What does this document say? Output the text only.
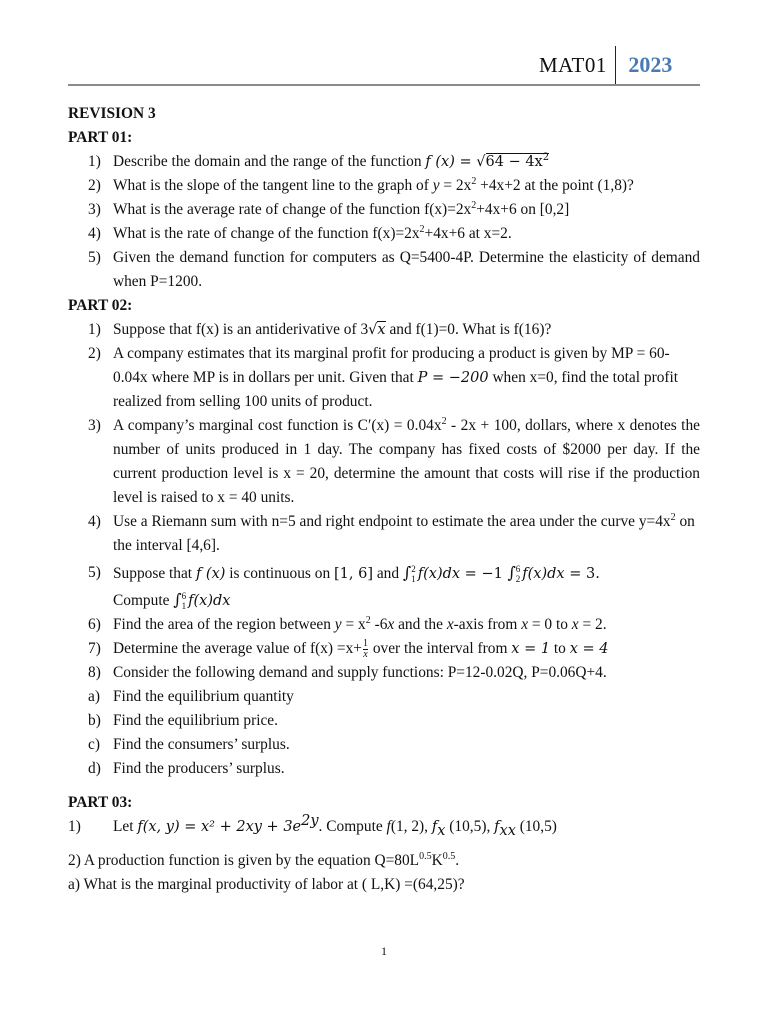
MAT01 2023
REVISION 3
PART 01:
1) Describe the domain and the range of the function f $(x) = √64 - 4x^2$
2) What is the slope of the tangent line to the graph of $y = 2x^2 +4x+2$ at the point (1,8)?
3) What is the average rate of change of the function $f(x)=2x^2+4x+6$ on [0,2]
4) What is the rate of change of the function $f(x)=2x^2+4x+6$ at x=2.
5) Given the demand function for computers as Q=5400-4P. Determine the elasticity of demand when P=1200.
PART 02:
1) Suppose that f(x) is an antiderivative of 3√x and f(1)=0. What is f(16)?
2) A company estimates that its marginal profit for producing a product is given by MP = 60-0.04x where MP is in dollars per unit. Given that P = −200 when x=0, find the total profit realized from selling 100 units of product.
3) A company’s marginal cost function is $C'(x) = 0.04x^2 - 2x + 100$, dollars, where x denotes the number of units produced in 1 day. The company has fixed costs of $2000 per day. If the current production level is x = 20, determine the amount that costs will rise if the production level is raised to x = 40 units.
4) Use a Riemann sum with n=5 and right endpoint to estimate the area under the curve $y=4x^2$ on the interval [4,6].
5) Suppose that f (x) is continuous on [1, 6] and ∫ 2
1 f(x)dx = −1 ∫ 6
2 f(x)dx = 3.
Compute ∫ 6
1 f(x)dx
6) Find the area of the region between $y = x^2$ -6x and the x-axis from x = 0 to x = 2.
7) Determine the average value of $f(x) =x+ \frac{1}{x}$ over the interval from x = 1 to x = 4
8) Consider the following demand and supply functions: P=12-0.02Q, P=0.06Q+4.
a) Find the equilibrium quantity
b) Find the equilibrium price.
c) Find the consumers’ surplus.
d) Find the producers’ surplus.
PART 03:
1) Let f(x, $y) = x^2 + 2xy + 3e^{2y}$. Compute f(1, 2), $f_x$ (10,5), $f_{xx}$ (10,5)
2) A production function is given by the equation $Q=80L^{0.5}K^{0.5}$.
a) What is the marginal productivity of labor at ( L,K) =(64,25)?
1
